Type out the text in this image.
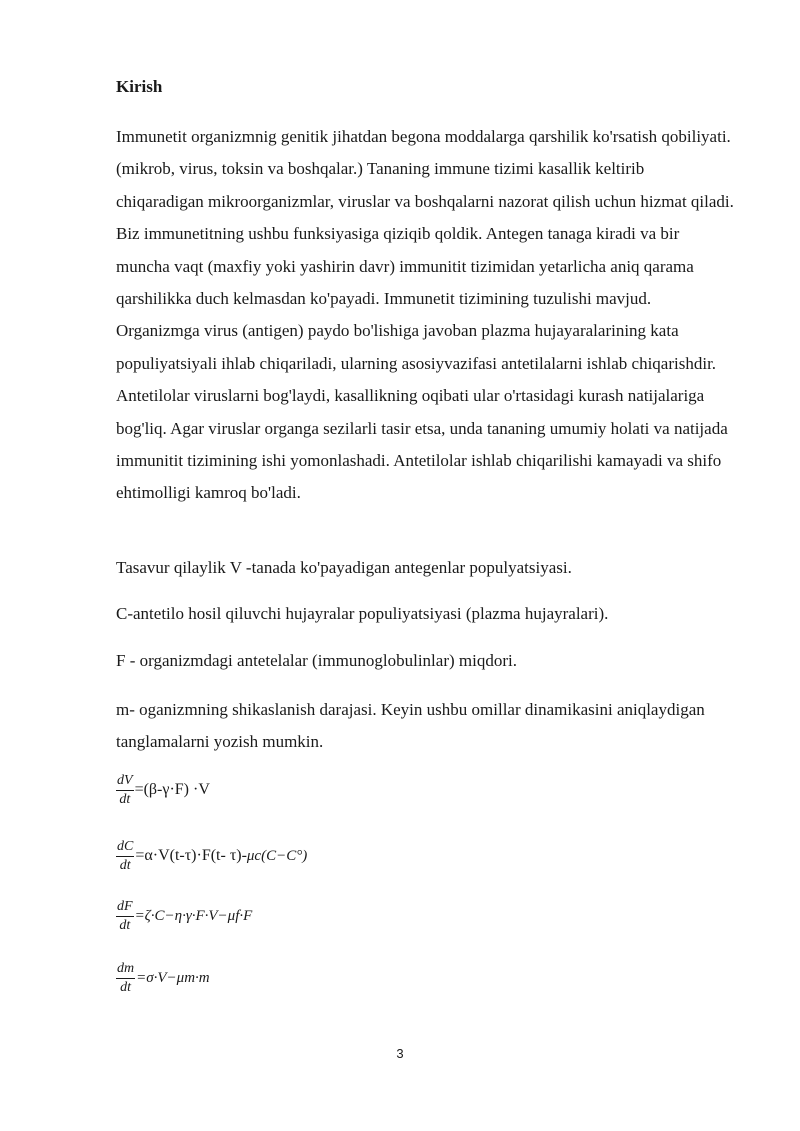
Kirish

Immunetit organizmnig genitik jihatdan begona moddalarga qarshilik ko'rsatish qobiliyati. (mikrob, virus, toksin va boshqalar.) Tananing immune tizimi kasallik keltirib chiqaradigan mikroorganizmlar, viruslar va boshqalarni nazorat qilish uchun hizmat qiladi. Biz immunetitning ushbu funksiyasiga qiziqib qoldik. Antegen tanaga kiradi va bir muncha vaqt (maxfiy yoki yashirin davr) immunitit tizimidan yetarlicha aniq qarama qarshilikka duch kelmasdan ko'payadi. Immunetit tizimining tuzulishi mavjud. Organizmga virus (antigen) paydo bo'lishiga javoban plazma hujayaralarining kata populiyatsiyali ihlab chiqariladi, ularning asosiyvazifasi antetilalarni ishlab chiqarishdir. Antetilolar viruslarni bog'laydi, kasallikning oqibati ular o'rtasidagi kurash natijalariga bog'liq. Agar viruslar organga sezilarli tasir etsa, unda tananing umumiy holati va natijada immunitit tizimining ishi yomonlashadi. Antetilolar ishlab chiqarilishi kamayadi va shifo ehtimolligi kamroq bo'ladi.

Tasavur qilaylik V -tanada ko'payadigan antegenlar populyatsiyasi.
C-antetilo hosil qiluvchi hujayralar populiyatsiyasi (plazma hujayralari).
F - organizmdagi antetelalar (immunoglobulinlar) miqdori.

m- oganizmning shikaslanish darajasi. Keyin ushbu omillar dinamikasini aniqlaydigan tanglamalarni yozish mumkin.

$\frac{dV}{dt} =(\beta-\gamma\cdot F) \cdot V$
$\frac{dC}{dt} =\alpha\cdot V(t-\tau)\cdot F(t-$ τ)- μc(C−C°)
$\frac{dF}{dt} =\zeta\cdot C-\eta\cdot\gamma\cdot F\cdot V-\mu f\cdot F$
$\frac{dm}{dt} =\sigma\cdot V-\mu m\cdot m$
3
